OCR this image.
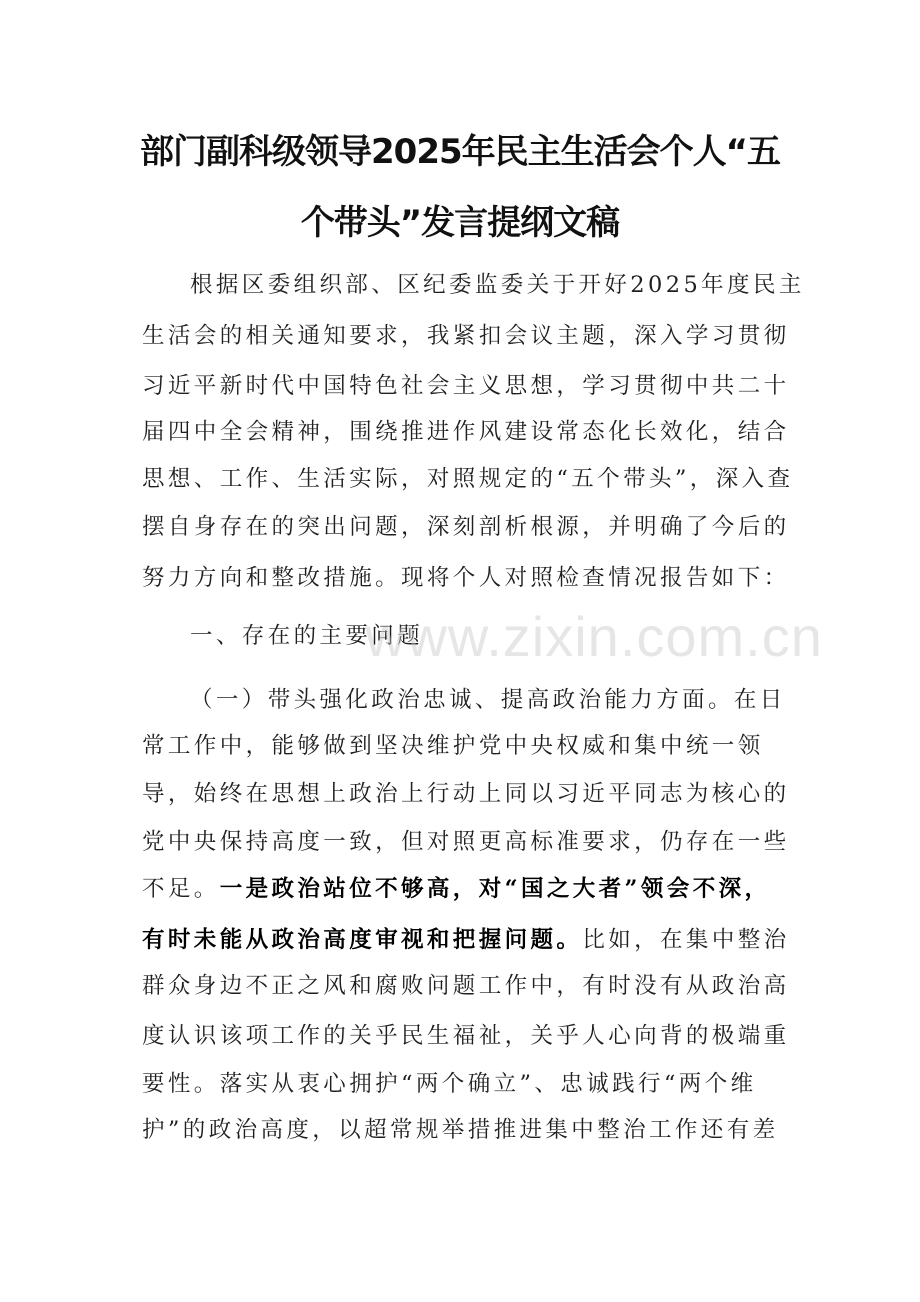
部门副科级领导2025年民主生活会个人“五
个带头”发言提纲文稿

根据区委组织部、区纪委监委关于开好2025年度民主

生活会的相关通知要求，我紧扣会议主题，深入学习贯彻

习近平新时代中国特色社会主义思想，学习贯彻中共二十

届四中全会精神，围绕推进作风建设常态化长效化，结合

思想、工作、生活实际，对照规定的“五个带头”，深入查

摆自身存在的突出问题，深刻剖析根源，并明确了今后的

努力方向和整改措施。现将个人对照检查情况报告如下：

一、存在的主要问题

（一）带头强化政治忠诚、提高政治能力方面。在日

常工作中，能够做到坚决维护党中央权威和集中统一领

导，始终在思想上政治上行动上同以习近平同志为核心的

党中央保持高度一致，但对照更高标准要求，仍存在一些

不足。一是政治站位不够高，对“国之大者”领会不深，

有时未能从政治高度审视和把握问题。比如，在集中整治

群众身边不正之风和腐败问题工作中，有时没有从政治高

度认识该项工作的关乎民生福祉，关乎人心向背的极端重

要性。落实从衷心拥护“两个确立”、忠诚践行“两个维

护”的政治高度，以超常规举措推进集中整治工作还有差

www.zixin.com.cn
